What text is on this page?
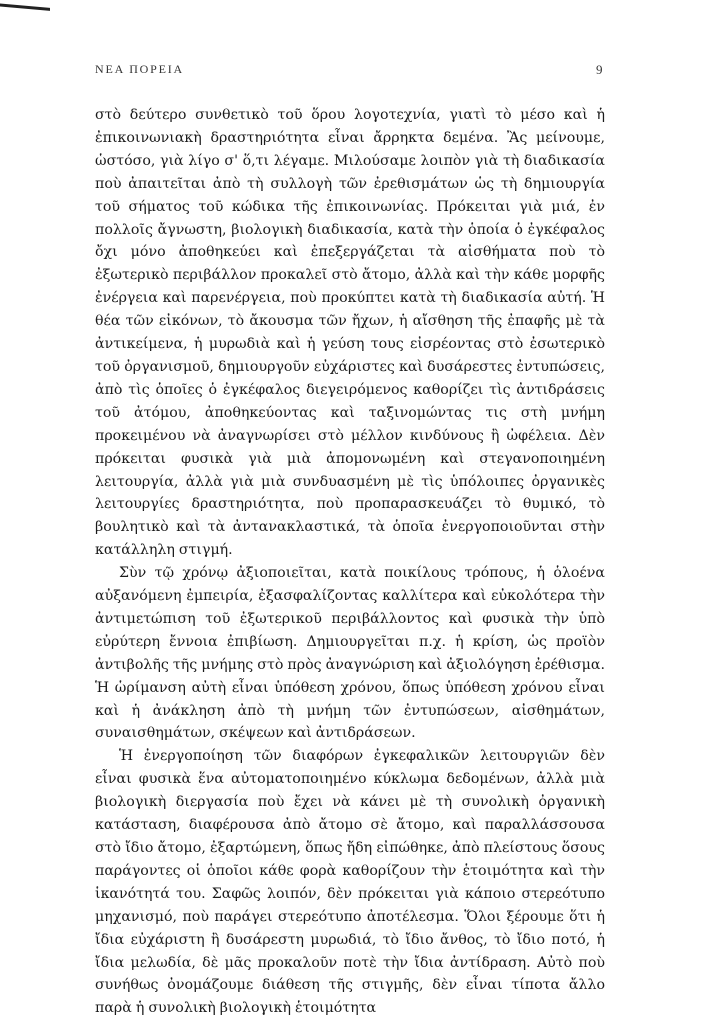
ΝΕΑ ΠΟΡΕΙΑ	9

στὸ δεύτερο συνθετικὸ τοῦ ὅρου λογοτεχνία, γιατὶ τὸ μέσο καὶ ἡ ἐπικοινωνιακὴ δραστηριότητα εἶναι ἄρρηκτα δεμένα. Ἂς μείνουμε, ὡστόσο, γιὰ λίγο σ' ὅ,τι λέγαμε. Μιλούσαμε λοιπὸν γιὰ τὴ διαδικασία ποὺ ἀπαιτεῖται ἀπὸ τὴ συλλογὴ τῶν ἐρεθισμάτων ὡς τὴ δημιουργία τοῦ σήματος τοῦ κώδικα τῆς ἐπικοινωνίας. Πρόκειται γιὰ μιά, ἐν πολλοῖς ἄγνωστη, βιολογικὴ διαδικασία, κατὰ τὴν ὁποία ὁ ἐγκέφαλος ὄχι μόνο ἀποθηκεύει καὶ ἐπεξεργάζεται τὰ αἰσθήματα ποὺ τὸ ἐξωτερικὸ περιβάλλον προκαλεῖ στὸ ἄτομο, ἀλλὰ καὶ τὴν κάθε μορφῆς ἐνέργεια καὶ παρενέργεια, ποὺ προκύπτει κατὰ τὴ διαδικασία αὐτή. Ἡ θέα τῶν εἰκόνων, τὸ ἄκουσμα τῶν ἤχων, ἡ αἴσθηση τῆς ἐπαφῆς μὲ τὰ ἀντικείμενα, ἡ μυρωδιὰ καὶ ἡ γεύση τους εἰσρέοντας στὸ ἐσωτερικὸ τοῦ ὀργανισμοῦ, δημιουργοῦν εὐχάριστες καὶ δυσάρεστες ἐντυπώσεις, ἀπὸ τὶς ὁποῖες ὁ ἐγκέφαλος διεγειρόμενος καθορίζει τὶς ἀντιδράσεις τοῦ ἀτόμου, ἀποθηκεύοντας καὶ ταξινομώντας τις στὴ μνήμη προκειμένου νὰ ἀναγνωρίσει στὸ μέλλον κινδύνους ἢ ὠφέλεια. Δὲν πρόκειται φυσικὰ γιὰ μιὰ ἀπομονωμένη καὶ στεγανοποιημένη λειτουργία, ἀλλὰ γιὰ μιὰ συνδυασμένη μὲ τὶς ὑπόλοιπες ὀργανικὲς λειτουργίες δραστηριότητα, ποὺ προπαρασκευάζει τὸ θυμικό, τὸ βουλητικὸ καὶ τὰ ἀντανακλαστικά, τὰ ὁποῖα ἐνεργοποιοῦνται στὴν κατάλληλη στιγμή.

Σὺν τῷ χρόνῳ ἀξιοποιεῖται, κατὰ ποικίλους τρόπους, ἡ ὁλοένα αὐξανόμενη ἐμπειρία, ἐξασφαλίζοντας καλλίτερα καὶ εὐκολότερα τὴν ἀντιμετώπιση τοῦ ἐξωτερικοῦ περιβάλλοντος καὶ φυσικὰ τὴν ὑπὸ εὐρύτερη ἔννοια ἐπιβίωση. Δημιουργεῖται π.χ. ἡ κρίση, ὡς προϊὸν ἀντιβολῆς τῆς μνήμης στὸ πρὸς ἀναγνώριση καὶ ἀξιολόγηση ἐρέθισμα. Ἡ ὡρίμανση αὐτὴ εἶναι ὑπόθεση χρόνου, ὅπως ὑπόθεση χρόνου εἶναι καὶ ἡ ἀνάκληση ἀπὸ τὴ μνήμη τῶν ἐντυπώσεων, αἰσθημάτων, συναισθημάτων, σκέψεων καὶ ἀντιδράσεων.

Ἡ ἐνεργοποίηση τῶν διαφόρων ἐγκεφαλικῶν λειτουργιῶν δὲν εἶναι φυσικὰ ἕνα αὐτοματοποιημένο κύκλωμα δεδομένων, ἀλλὰ μιὰ βιολογικὴ διεργασία ποὺ ἔχει νὰ κάνει μὲ τὴ συνολικὴ ὀργανικὴ κατάσταση, διαφέρουσα ἀπὸ ἄτομο σὲ ἄτομο, καὶ παραλλάσσουσα στὸ ἴδιο ἄτομο, ἐξαρτώμενη, ὅπως ἤδη εἰπώθηκε, ἀπὸ πλείστους ὅσους παράγοντες οἱ ὁποῖοι κάθε φορὰ καθορίζουν τὴν ἑτοιμότητα καὶ τὴν ἱκανότητά του. Σαφῶς λοιπόν, δὲν πρόκειται γιὰ κάποιο στερεότυπο μηχανισμό, ποὺ παράγει στερεότυπο ἀποτέλεσμα. Ὅλοι ξέρουμε ὅτι ἡ ἴδια εὐχάριστη ἢ δυσάρεστη μυρωδιά, τὸ ἴδιο ἄνθος, τὸ ἴδιο ποτό, ἡ ἴδια μελωδία, δὲ μᾶς προκαλοῦν ποτὲ τὴν ἴδια ἀντίδραση. Αὐτὸ ποὺ συνήθως ὀνομάζουμε διάθεση τῆς στιγμῆς, δὲν εἶναι τίποτα ἄλλο παρὰ ἡ συνολικὴ βιολογικὴ ἑτοιμότητα
